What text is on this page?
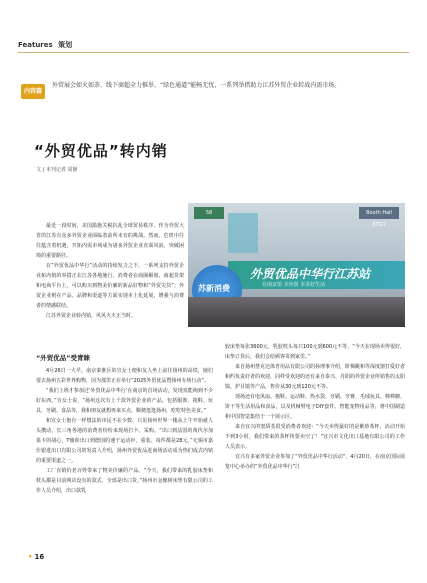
Features 策划
内容篇
外贸展会如火如荼、线下商超全力推举、“绿色通道”能畅无忧，一系列举措助力江苏外贸企业转战内需市场。
“外贸优品”转内销
文 | 本刊记者 周静

最近一段时间，美国滥施关税抗乱全球贸易秩序，作为外贸大省的江苏有众多外贸企业面临着前所未有的挑战。然而，危机中往往蕴含着机遇，开拓内需市场成为诸多外贸企业直面风浪、突破困境的重要路径。

在“外贸优品中华行”活动的持续发力之下，一系列支持外贸企业拓内销的举措正在江苏各地施行。消费者在商圈橱窗、商超货架和电商平台上，可以购买到物美价廉的新品好物和“外贸尖货”；外贸企业则在产品、品牌和渠道等方面实现本土化延展，增强与消费者的情感联结。

江苏外贸企业转内销，风风火火正当时。

58	Booth Hall 8TG1
苏新消费
外贸优品中华行江苏站
在南京馆 买外贸 享美好生活
“外贸优品”受青睐

4月26日一大早，南京秦淮区的宣女士便和友人坐上前往扬州的高铁，她们要去扬州五彩世界购物，因为那里正在举行“2025外贸优品暨扬州专场行动”。

“我们上班才参加过‘外贸优品中华行’在南京的首场活动，发现真能淘到不少好东西。”宣女士说，“扬州这次有上千款外贸企业的产品，包括服饰、拖鞋、玩具、牙刷、食品等，我和朋友就想再来买点，顺便逛逛扬州，吃吃特色美食。”

和宣女士抱有一样想法的市民不在少数。只见扬州世界一楼从上午开始就人头攒动，长三角各地的消费者纷纷来现场打卡、采购。“出口到法国的黄代尔加果卡的胡心，T恤和出口到德国的速干运动衫，重装、每件都是28元。”无锡市嘉仕银进出口有限公司的发责人介绍，扬州外贸优品进商场活动成为热们成式内销的重要渠道之一。

工厂直销价老百姓带来了物美价廉的产品。“今天，我们带来的乳胶床垫和枕头都是目前网店没有的款式，全部是出口货。”扬州市金橡树床垫有限公司的工作人员介绍，出口款乳

胶床垫每张3600元，乳胶枕头每只100元到600元不等，“今天在现场卖得很好，床垫订货后，我们会给顾客寄到家里。”

来自扬州慧克达体育用品有限公司的孙理事介绍，阶梯跳和等深度器打爱好者和约负责好者的欢迎，同样受欢迎的还有来自泰兴、丹阳的外贸企业所销售的太阳镜、护目镜等产品，售价从30元到120元不等。

现场还有电风扇、拖鞋、运动鞋、热水袋、牙刷、牙膏、毛绒玩具、棒棒糖、饼干等生活用品和食品，以及机械臂电子DIY套件、智能宠物用品等，将中国制造和中国智造集结于一个展示区。

来自宜兴的窦骄荃很受消费者欢迎：“今天卖得最好的是紫砂茶杯，活动开始不到3小时，我们带来的茶杯快要卖空了！”宜兴市文化出口基地有限公司的工作人员表示。

宜兴有多家外贸企业参加了“外贸优品中华行活动”，4月20日，在南京国际展览中心举办的“外贸优品中华行”江

• 16
